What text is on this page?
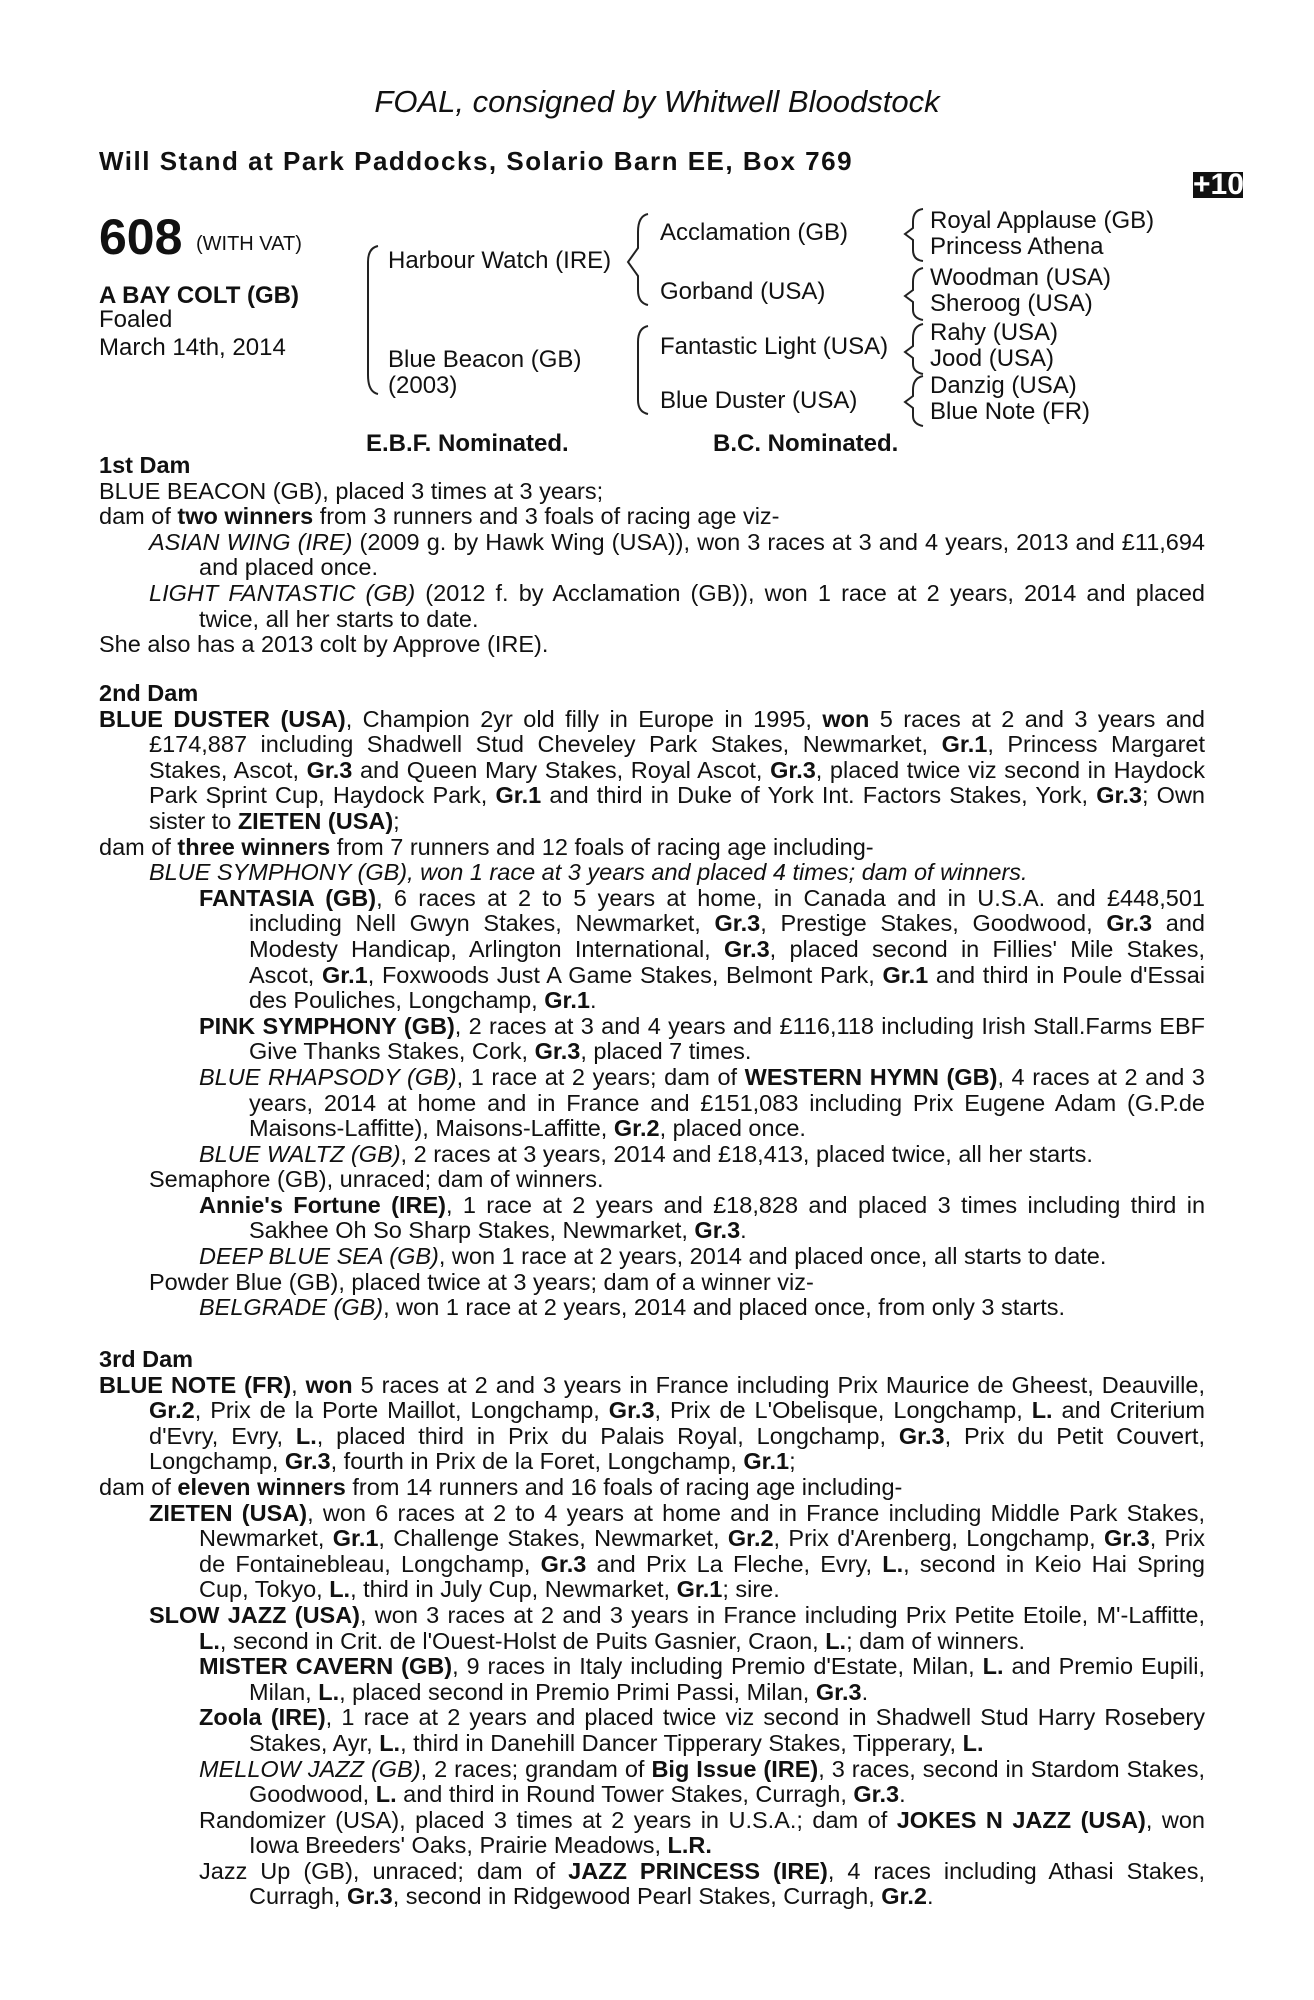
FOAL, consigned by Whitwell Bloodstock
Will Stand at Park Paddocks, Solario Barn EE, Box 769
+10
608 (WITH VAT)
A BAY COLT (GB)
Foaled
March 14th, 2014
Harbour Watch (IRE)
Blue Beacon (GB)
(2003)
Acclamation (GB)
Gorband (USA)
Fantastic Light (USA)
Blue Duster (USA)
Royal Applause (GB)
Princess Athena
Woodman (USA)
Sheroog (USA)
Rahy (USA)
Jood (USA)
Danzig (USA)
Blue Note (FR)
E.B.F. Nominated.	B.C. Nominated.

1st Dam

BLUE BEACON (GB), placed 3 times at 3 years;

dam of two winners from 3 runners and 3 foals of racing age viz-

ASIAN WING (IRE) (2009 g. by Hawk Wing (USA)), won 3 races at 3 and 4 years, 2013 and £11,694 and placed once.

LIGHT FANTASTIC (GB) (2012 f. by Acclamation (GB)), won 1 race at 2 years, 2014 and placed twice, all her starts to date.

She also has a 2013 colt by Approve (IRE).

2nd Dam

BLUE DUSTER (USA), Champion 2yr old filly in Europe in 1995, won 5 races at 2 and 3 years and £174,887 including Shadwell Stud Cheveley Park Stakes, Newmarket, Gr.1, Princess Margaret Stakes, Ascot, Gr.3 and Queen Mary Stakes, Royal Ascot, Gr.3, placed twice viz second in Haydock Park Sprint Cup, Haydock Park, Gr.1 and third in Duke of York Int. Factors Stakes, York, Gr.3; Own sister to ZIETEN (USA);

dam of three winners from 7 runners and 12 foals of racing age including-

BLUE SYMPHONY (GB), won 1 race at 3 years and placed 4 times; dam of winners.

FANTASIA (GB), 6 races at 2 to 5 years at home, in Canada and in U.S.A. and £448,501 including Nell Gwyn Stakes, Newmarket, Gr.3, Prestige Stakes, Goodwood, Gr.3 and Modesty Handicap, Arlington International, Gr.3, placed second in Fillies' Mile Stakes, Ascot, Gr.1, Foxwoods Just A Game Stakes, Belmont Park, Gr.1 and third in Poule d'Essai des Pouliches, Longchamp, Gr.1.

PINK SYMPHONY (GB), 2 races at 3 and 4 years and £116,118 including Irish Stall.Farms EBF Give Thanks Stakes, Cork, Gr.3, placed 7 times.

BLUE RHAPSODY (GB), 1 race at 2 years; dam of WESTERN HYMN (GB), 4 races at 2 and 3 years, 2014 at home and in France and £151,083 including Prix Eugene Adam (G.P.de Maisons-Laffitte), Maisons-Laffitte, Gr.2, placed once.

BLUE WALTZ (GB), 2 races at 3 years, 2014 and £18,413, placed twice, all her starts.

Semaphore (GB), unraced; dam of winners.

Annie's Fortune (IRE), 1 race at 2 years and £18,828 and placed 3 times including third in Sakhee Oh So Sharp Stakes, Newmarket, Gr.3.

DEEP BLUE SEA (GB), won 1 race at 2 years, 2014 and placed once, all starts to date.

Powder Blue (GB), placed twice at 3 years; dam of a winner viz-

BELGRADE (GB), won 1 race at 2 years, 2014 and placed once, from only 3 starts.

3rd Dam

BLUE NOTE (FR), won 5 races at 2 and 3 years in France including Prix Maurice de Gheest, Deauville, Gr.2, Prix de la Porte Maillot, Longchamp, Gr.3, Prix de L'Obelisque, Longchamp, L. and Criterium d'Evry, Evry, L., placed third in Prix du Palais Royal, Longchamp, Gr.3, Prix du Petit Couvert, Longchamp, Gr.3, fourth in Prix de la Foret, Longchamp, Gr.1;

dam of eleven winners from 14 runners and 16 foals of racing age including-

ZIETEN (USA), won 6 races at 2 to 4 years at home and in France including Middle Park Stakes, Newmarket, Gr.1, Challenge Stakes, Newmarket, Gr.2, Prix d'Arenberg, Longchamp, Gr.3, Prix de Fontainebleau, Longchamp, Gr.3 and Prix La Fleche, Evry, L., second in Keio Hai Spring Cup, Tokyo, L., third in July Cup, Newmarket, Gr.1; sire.

SLOW JAZZ (USA), won 3 races at 2 and 3 years in France including Prix Petite Etoile, M'-Laffitte, L., second in Crit. de l'Ouest-Holst de Puits Gasnier, Craon, L.; dam of winners.

MISTER CAVERN (GB), 9 races in Italy including Premio d'Estate, Milan, L. and Premio Eupili, Milan, L., placed second in Premio Primi Passi, Milan, Gr.3.

Zoola (IRE), 1 race at 2 years and placed twice viz second in Shadwell Stud Harry Rosebery Stakes, Ayr, L., third in Danehill Dancer Tipperary Stakes, Tipperary, L.

MELLOW JAZZ (GB), 2 races; grandam of Big Issue (IRE), 3 races, second in Stardom Stakes, Goodwood, L. and third in Round Tower Stakes, Curragh, Gr.3.

Randomizer (USA), placed 3 times at 2 years in U.S.A.; dam of JOKES N JAZZ (USA), won Iowa Breeders' Oaks, Prairie Meadows, L.R.

Jazz Up (GB), unraced; dam of JAZZ PRINCESS (IRE), 4 races including Athasi Stakes, Curragh, Gr.3, second in Ridgewood Pearl Stakes, Curragh, Gr.2.
